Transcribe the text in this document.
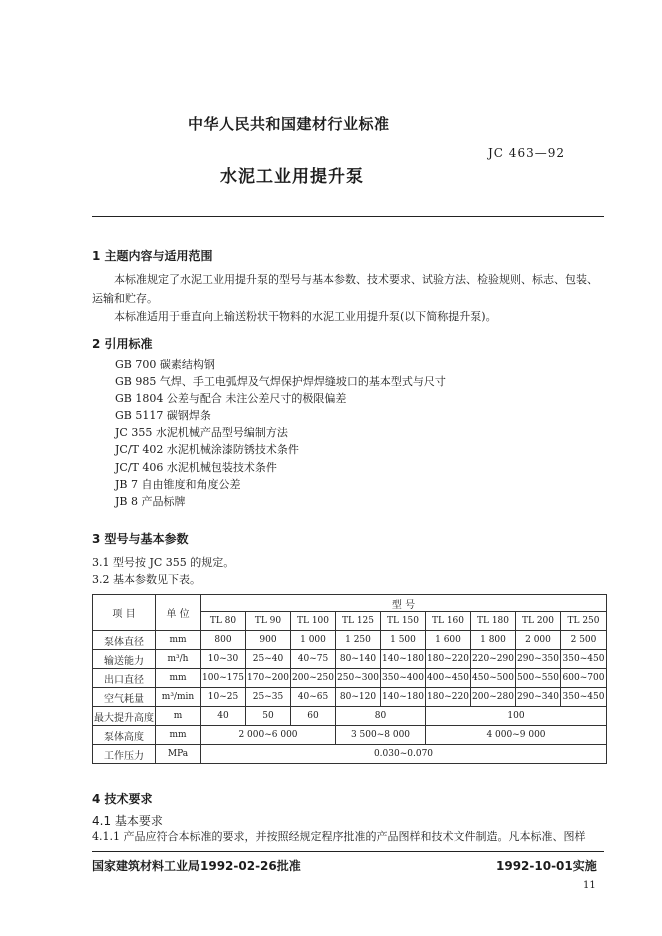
中华人民共和国建材行业标准
JC 463—92
水泥工业用提升泵
1 主题内容与适用范围
本标准规定了水泥工业用提升泵的型号与基本参数、技术要求、试验方法、检验规则、标志、包装、运输和贮存。
本标准适用于垂直向上输送粉状干物料的水泥工业用提升泵(以下简称提升泵)。
2 引用标准
GB 700 碳素结构钢
GB 985 气焊、手工电弧焊及气焊保护焊焊缝坡口的基本型式与尺寸
GB 1804 公差与配合 未注公差尺寸的极限偏差
GB 5117 碳钢焊条
JC 355 水泥机械产品型号编制方法
JC/T 402 水泥机械涂漆防锈技术条件
JC/T 406 水泥机械包装技术条件
JB 7 自由锥度和角度公差
JB 8 产品标牌
3 型号与基本参数
3.1 型号按 JC 355 的规定。
3.2 基本参数见下表。
项 目	单 位	型 号								
		TL 80	TL 90	TL 100	TL 125	TL 150	TL 160	TL 180	TL 200	TL 250
泵体直径	mm	800	900	1 000	1 250	1 500	1 600	1 800	2 000	2 500
输送能力	m³/h	10~30	25~40	40~75	80~140	140~180	180~220	220~290	290~350	350~450
出口直径	mm	100~175	170~200	200~250	250~300	350~400	400~450	450~500	500~550	600~700
空气耗量	m³/min	10~25	25~35	40~65	80~120	140~180	180~220	200~280	290~340	350~450
最大提升高度	m	40	50	60	80		100			
泵体高度	mm	2 000~6 000			3 500~8 000		4 000~9 000			
工作压力	MPa	0.030~0.070								
4 技术要求
4.1 基本要求
4.1.1 产品应符合本标准的要求，并按照经规定程序批准的产品图样和技术文件制造。凡本标准、图样
国家建筑材料工业局1992-02-26批准	1992-10-01实施
11
